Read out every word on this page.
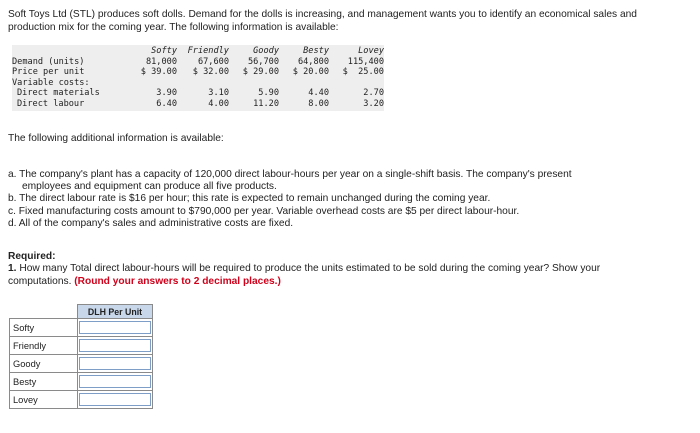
Soft Toys Ltd (STL) produces soft dolls. Demand for the dolls is increasing, and management wants you to identify an economical sales and production mix for the coming year. The following information is available:

	Softy	Friendly	Goody	Besty	Lovey
Demand (units)	81,000	67,600	56,700	64,800	115,400
Price per unit	$ 39.00	$ 32.00	$ 29.00	$ 20.00	$  25.00
Variable costs:					
Direct materials	3.90	3.10	5.90	4.40	2.70
Direct labour	6.40	4.00	11.20	8.00	3.20

The following additional information is available:

a. The company's plant has a capacity of 120,000 direct labour-hours per year on a single-shift basis. The company's present
employees and equipment can produce all five products.
b. The direct labour rate is $16 per hour; this rate is expected to remain unchanged during the coming year.
c. Fixed manufacturing costs amount to $790,000 per year. Variable overhead costs are $5 per direct labour-hour.
d. All of the company's sales and administrative costs are fixed.

Required:

1. How many Total direct labour-hours will be required to produce the units estimated to be sold during the coming year? Show your computations. (Round your answers to 2 decimal places.)

	DLH Per Unit
Softy	

Friendly	

Goody	

Besty	

Lovey	
